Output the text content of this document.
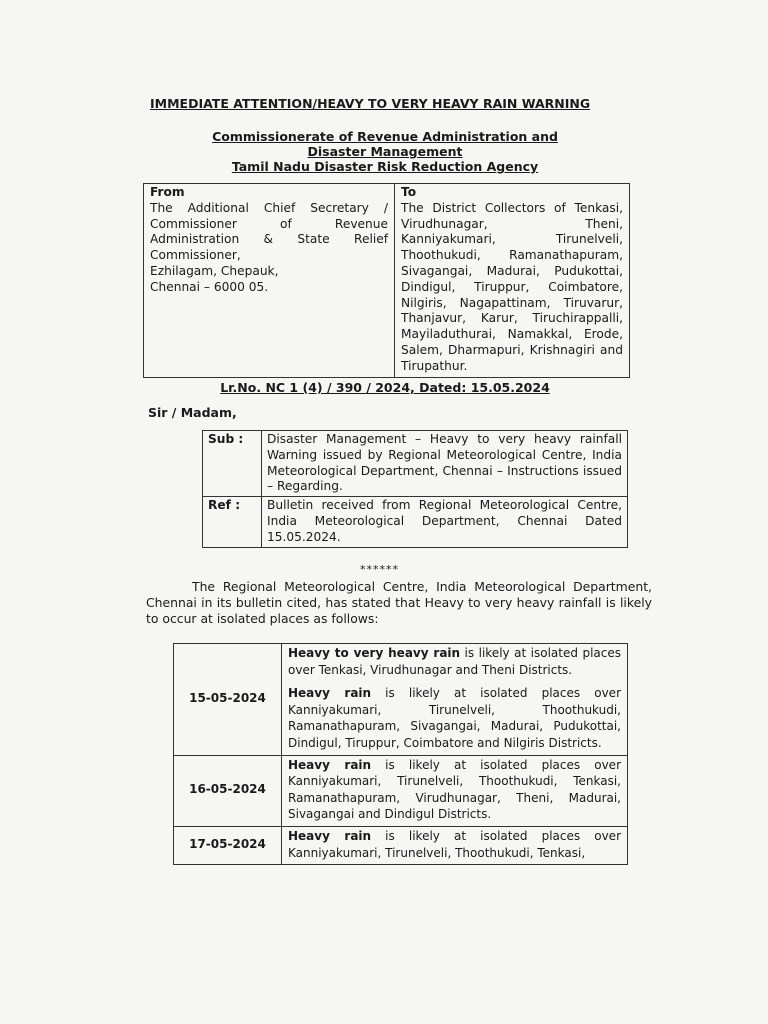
IMMEDIATE ATTENTION/HEAVY TO VERY HEAVY RAIN WARNING
Commissionerate of Revenue Administration and
Disaster Management
Tamil Nadu Disaster Risk Reduction Agency
From
The Additional Chief Secretary / Commissioner of Revenue Administration & State Relief Commissioner,
Ezhilagam, Chepauk,
Chennai – 6000 05.

To
The District Collectors of Tenkasi, Virudhunagar, Theni, Kanniyakumari, Tirunelveli, Thoothukudi, Ramanathapuram, Sivagangai, Madurai, Pudukottai, Dindigul, Tiruppur, Coimbatore, Nilgiris, Nagapattinam, Tiruvarur, Thanjavur, Karur, Tiruchirappalli, Mayiladuthurai, Namakkal, Erode, Salem, Dharmapuri, Krishnagiri and Tirupathur.
Lr.No. NC 1 (4) / 390 / 2024, Dated: 15.05.2024
Sir / Madam,
Sub :	Disaster Management – Heavy to very heavy rainfall Warning issued by Regional Meteorological Centre, India Meteorological Department, Chennai – Instructions issued – Regarding.
Ref :	Bulletin received from Regional Meteorological Centre, India Meteorological Department, Chennai Dated 15.05.2024.
******
The Regional Meteorological Centre, India Meteorological Department, Chennai in its bulletin cited, has stated that Heavy to very heavy rainfall is likely to occur at isolated places as follows:
15-05-2024	Heavy to very heavy rain is likely at isolated places over Tenkasi, Virudhunagar and Theni Districts.

Heavy rain is likely at isolated places over Kanniyakumari, Tirunelveli, Thoothukudi, Ramanathapuram, Sivagangai, Madurai, Pudukottai, Dindigul, Tiruppur, Coimbatore and Nilgiris Districts.

16-05-2024	Heavy rain is likely at isolated places over Kanniyakumari, Tirunelveli, Thoothukudi, Tenkasi, Ramanathapuram, Virudhunagar, Theni, Madurai, Sivagangai and Dindigul Districts.

17-05-2024	Heavy rain is likely at isolated places over Kanniyakumari, Tirunelveli, Thoothukudi, Tenkasi,
